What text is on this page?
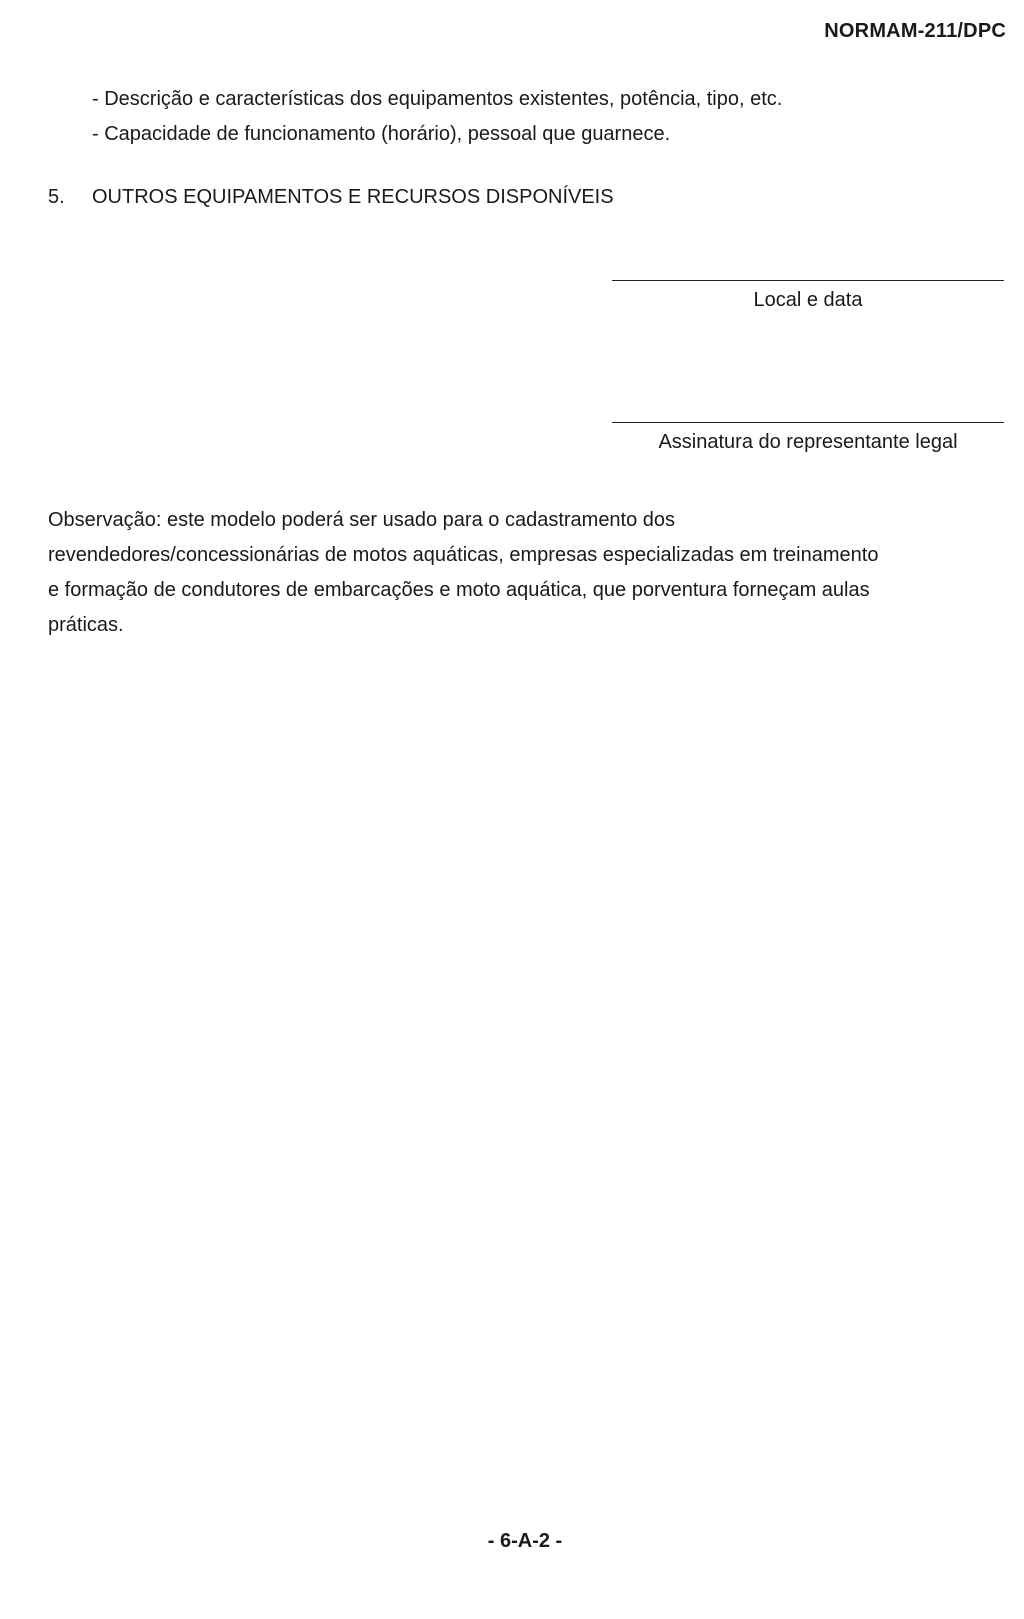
NORMAM-211/DPC
- Descrição e características dos equipamentos existentes, potência, tipo, etc.
- Capacidade de funcionamento (horário), pessoal que guarnece.
5. OUTROS EQUIPAMENTOS E RECURSOS DISPONÍVEIS
Local e data
Assinatura do representante legal
Observação: este modelo poderá ser usado para o cadastramento dos
revendedores/concessionárias de motos aquáticas, empresas especializadas em treinamento
e formação de condutores de embarcações e moto aquática, que porventura forneçam aulas
práticas.
- 6-A-2 -
